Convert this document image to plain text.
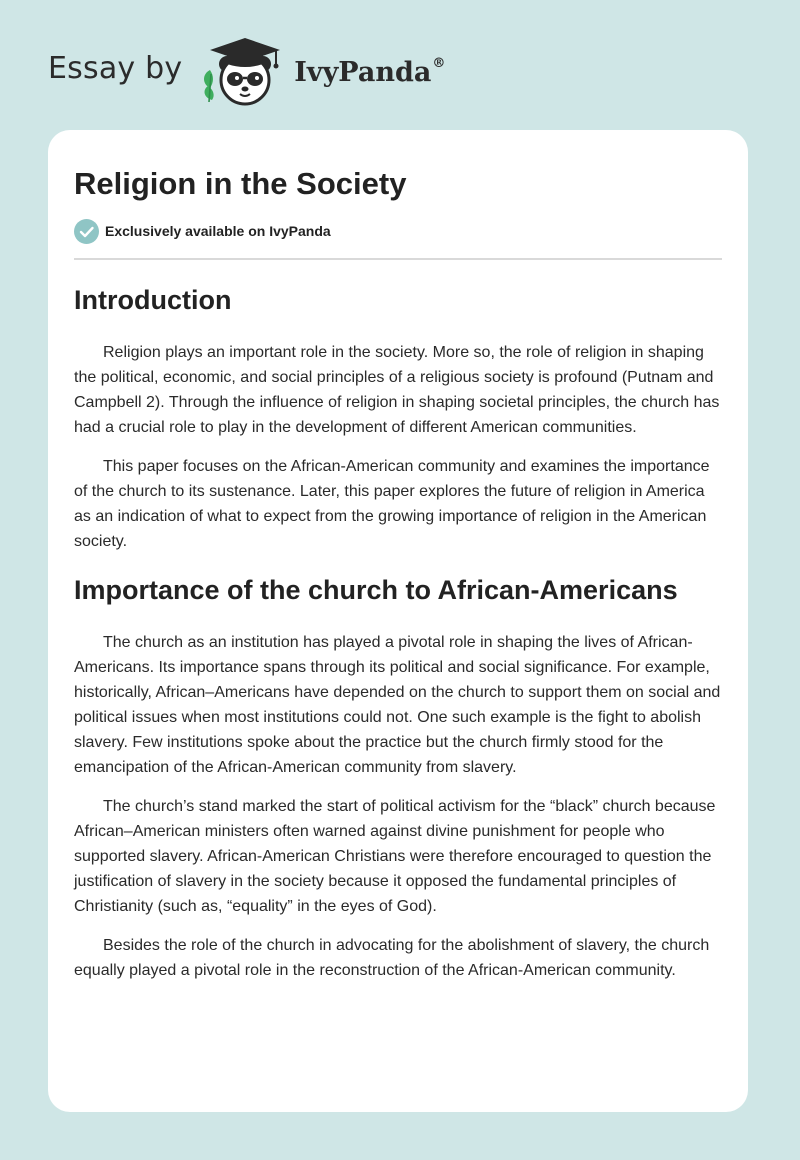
Essay by	IvyPanda®
Religion in the Society
Exclusively available on IvyPanda
Introduction

Religion plays an important role in the society. More so, the role of religion in shaping the political, economic, and social principles of a religious society is profound (Putnam and Campbell 2). Through the influence of religion in shaping societal principles, the church has had a crucial role to play in the development of different American communities.

This paper focuses on the African-American community and examines the importance of the church to its sustenance. Later, this paper explores the future of religion in America as an indication of what to expect from the growing importance of religion in the American society.

Importance of the church to African-Americans

The church as an institution has played a pivotal role in shaping the lives of African-Americans. Its importance spans through its political and social significance. For example, historically, African–Americans have depended on the church to support them on social and political issues when most institutions could not. One such example is the fight to abolish slavery. Few institutions spoke about the practice but the church firmly stood for the emancipation of the African-American community from slavery.

The church’s stand marked the start of political activism for the “black” church because African–American ministers often warned against divine punishment for people who supported slavery. African-American Christians were therefore encouraged to question the justification of slavery in the society because it opposed the fundamental principles of Christianity (such as, “equality” in the eyes of God).

Besides the role of the church in advocating for the abolishment of slavery, the church equally played a pivotal role in the reconstruction of the African-American community.
